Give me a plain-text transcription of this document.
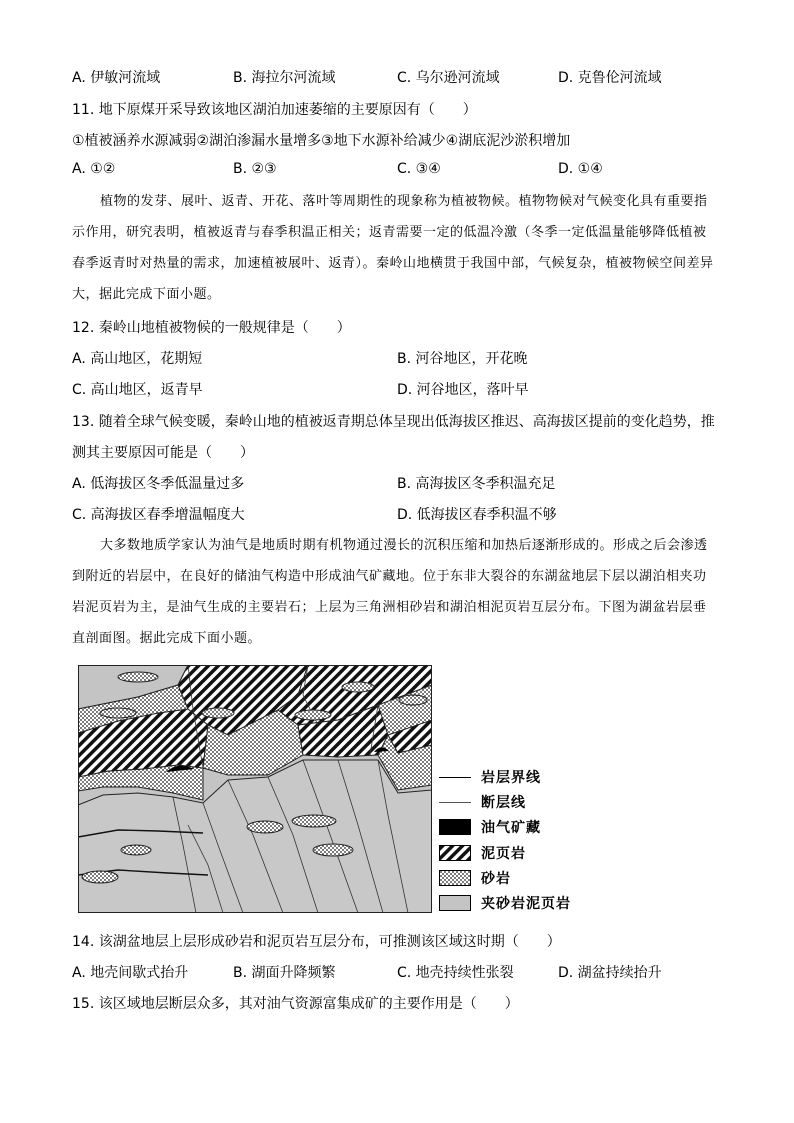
A. 伊敏河流域	B. 海拉尔河流域	C. 乌尔逊河流域	D. 克鲁伦河流域
11. 地下原煤开采导致该地区湖泊加速萎缩的主要原因有（　　）
①植被涵养水源减弱②湖泊渗漏水量增多③地下水源补给减少④湖底泥沙淤积增加
A. ①②	B. ②③	C. ③④	D. ①④

植物的发芽、展叶、返青、开花、落叶等周期性的现象称为植被物候。植物物候对气候变化具有重要指示作用，研究表明，植被返青与春季积温正相关；返青需要一定的低温冷激（冬季一定低温量能够降低植被春季返青时对热量的需求，加速植被展叶、返青）。秦岭山地横贯于我国中部，气候复杂，植被物候空间差异大，据此完成下面小题。

12. 秦岭山地植被物候的一般规律是（　　）
A. 高山地区，花期短	B. 河谷地区，开花晚
C. 高山地区，返青早	D. 河谷地区，落叶早
13. 随着全球气候变暖，秦岭山地的植被返青期总体呈现出低海拔区推迟、高海拔区提前的变化趋势，推
测其主要原因可能是（　　）
A. 低海拔区冬季低温量过多	B. 高海拔区冬季积温充足
C. 高海拔区春季增温幅度大	D. 低海拔区春季积温不够

大多数地质学家认为油气是地质时期有机物通过漫长的沉积压缩和加热后逐渐形成的。形成之后会渗透到附近的岩层中，在良好的储油气构造中形成油气矿藏地。位于东非大裂谷的东湖盆地层下层以湖泊相夹功岩泥页岩为主，是油气生成的主要岩石；上层为三角洲相砂岩和湖泊相泥页岩互层分布。下图为湖盆岩层垂直剖面图。据此完成下面小题。

岩层界线
断层线
油气矿藏
泥页岩
砂岩
夹砂岩泥页岩
14. 该湖盆地层上层形成砂岩和泥页岩互层分布，可推测该区域这时期（　　）
A. 地壳间歇式抬升	B. 湖面升降频繁	C. 地壳持续性张裂	D. 湖盆持续抬升
15. 该区域地层断层众多，其对油气资源富集成矿的主要作用是（　　）
